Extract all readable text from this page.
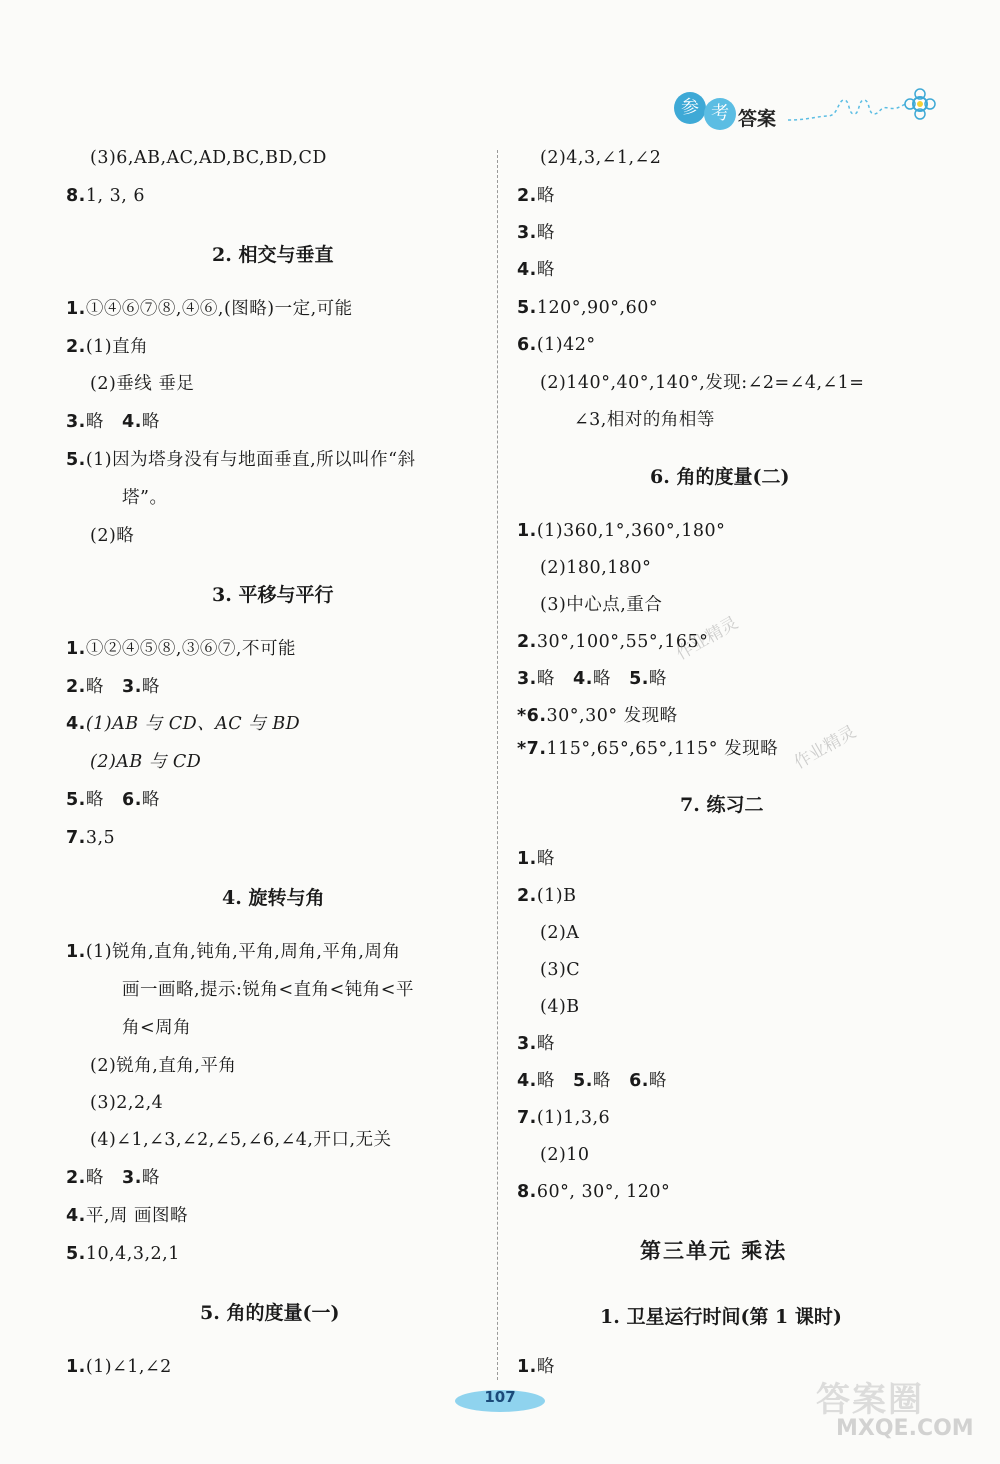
参 考 答案
(3)6,AB,AC,AD,BC,BD,CD
8.1, 3, 6
2. 相交与垂直
1.①④⑥⑦⑧,④⑥,(图略)一定,可能
2.(1)直角
(2)垂线 垂足
3.略 4.略
5.(1)因为塔身没有与地面垂直,所以叫作“斜
塔”。
(2)略
3. 平移与平行
1.①②④⑤⑧,③⑥⑦,不可能
2.略 3.略
4.(1)AB 与 CD、AC 与 BD
(2)AB 与 CD
5.略 6.略
7.3,5
4. 旋转与角
1.(1)锐角,直角,钝角,平角,周角,平角,周角
画一画略,提示:锐角<直角<钝角<平
角<周角
(2)锐角,直角,平角
(3)2,2,4
(4)∠1,∠3,∠2,∠5,∠6,∠4,开口,无关
2.略 3.略
4.平,周 画图略
5.10,4,3,2,1
5. 角的度量(一)
1.(1)∠1,∠2
(2)4,3,∠1,∠2
2.略
3.略
4.略
5.120°,90°,60°
6.(1)42°
(2)140°,40°,140°,发现:∠2=∠4,∠1=
∠3,相对的角相等
6. 角的度量(二)
1.(1)360,1°,360°,180°
(2)180,180°
(3)中心点,重合
2.30°,100°,55°,165°
3.略 4.略 5.略
*6.30°,30° 发现略
*7.115°,65°,65°,115° 发现略
7. 练习二
1.略
2.(1)B
(2)A
(3)C
(4)B
3.略
4.略 5.略 6.略
7.(1)1,3,6
(2)10
8.60°, 30°, 120°
第三单元 乘法
1. 卫星运行时间(第 1 课时)
1.略
作业精灵
作业精灵
107	答案圈
MXQE.COM
